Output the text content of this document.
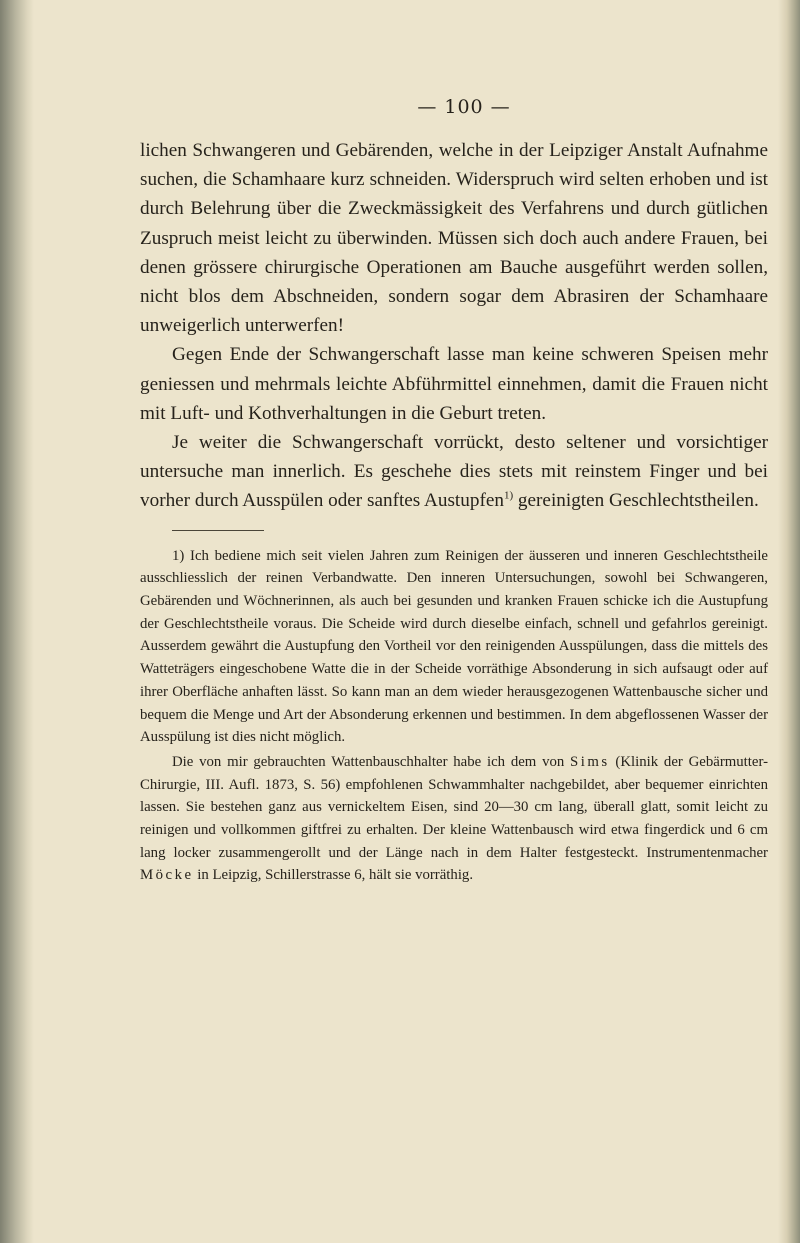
— 100 —

lichen Schwangeren und Gebärenden, welche in der Leipziger Anstalt Aufnahme suchen, die Schamhaare kurz schneiden. Widerspruch wird selten erhoben und ist durch Belehrung über die Zweckmässigkeit des Verfahrens und durch gütlichen Zuspruch meist leicht zu überwinden. Müssen sich doch auch andere Frauen, bei denen grössere chirurgische Operationen am Bauche ausgeführt werden sollen, nicht blos dem Abschneiden, sondern sogar dem Abrasiren der Schamhaare unweigerlich unterwerfen!

Gegen Ende der Schwangerschaft lasse man keine schweren Speisen mehr geniessen und mehrmals leichte Abführmittel einnehmen, damit die Frauen nicht mit Luft- und Kothverhaltungen in die Geburt treten.

Je weiter die Schwangerschaft vorrückt, desto seltener und vorsichtiger untersuche man innerlich. Es geschehe dies stets mit reinstem Finger und bei vorher durch Ausspülen oder sanftes Austupfen$^{1)}$ gereinigten Geschlechtstheilen.

1) Ich bediene mich seit vielen Jahren zum Reinigen der äusseren und inneren Geschlechtstheile ausschliesslich der reinen Verbandwatte. Den inneren Untersuchungen, sowohl bei Schwangeren, Gebärenden und Wöchnerinnen, als auch bei gesunden und kranken Frauen schicke ich die Austupfung der Geschlechtstheile voraus. Die Scheide wird durch dieselbe einfach, schnell und gefahrlos gereinigt. Ausserdem gewährt die Austupfung den Vortheil vor den reinigenden Ausspülungen, dass die mittels des Watteträgers eingeschobene Watte die in der Scheide vorräthige Absonderung in sich aufsaugt oder auf ihrer Oberfläche anhaften lässt. So kann man an dem wieder herausgezogenen Wattenbausche sicher und bequem die Menge und Art der Absonderung erkennen und bestimmen. In dem abgeflossenen Wasser der Ausspülung ist dies nicht möglich.

Die von mir gebrauchten Wattenbauschhalter habe ich dem von Sims (Klinik der Gebärmutter-Chirurgie, III. Aufl. 1873, S. 56) empfohlenen Schwammhalter nachgebildet, aber bequemer einrichten lassen. Sie bestehen ganz aus vernickeltem Eisen, sind 20—30 cm lang, überall glatt, somit leicht zu reinigen und vollkommen giftfrei zu erhalten. Der kleine Wattenbausch wird etwa fingerdick und 6 cm lang locker zusammengerollt und der Länge nach in dem Halter festgesteckt. Instrumentenmacher Möcke in Leipzig, Schillerstrasse 6, hält sie vorräthig.
